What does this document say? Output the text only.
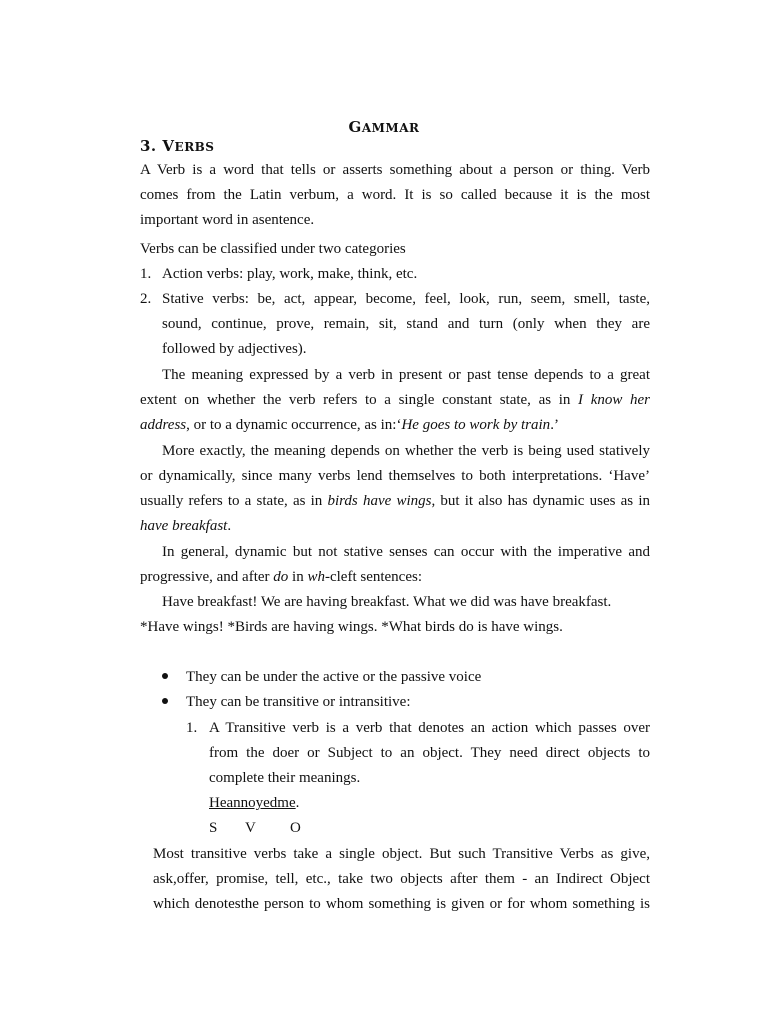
GAMMAR
3. VERBS
A Verb is a word that tells or asserts something about a person or thing. Verb
comes from the Latin verbum, a word. It is so called because it is the most
important word in asentence.
Verbs can be classified under two categories
1. Action verbs: play, work, make, think, etc.
2. Stative verbs: be, act, appear, become, feel, look, run, seem, smell, taste,
sound, continue, prove, remain, sit, stand and turn (only when they are
followed by adjectives).
The meaning expressed by a verb in present or past tense depends to a great
extent on whether the verb refers to a single constant state, as in I know her
address, or to a dynamic occurrence, as in:‘He goes to work by train.’
More exactly, the meaning depends on whether the verb is being used statively
or dynamically, since many verbs lend themselves to both interpretations. ‘Have’
usually refers to a state, as in birds have wings, but it also has dynamic uses as in
have breakfast.
In general, dynamic but not stative senses can occur with the imperative and
progressive, and after do in wh-cleft sentences:
Have breakfast! We are having breakfast. What we did was have breakfast.
*Have wings! *Birds are having wings. *What birds do is have wings.
They can be under the active or the passive voice
They can be transitive or intransitive:
1. A Transitive verb is a verb that denotes an action which passes over
from the doer or Subject to an object. They need direct objects to
complete their meanings.
Heannoyedme.
S V O
Most transitive verbs take a single object. But such Transitive Verbs as give,
ask,offer, promise, tell, etc., take two objects after them - an Indirect Object
which denotesthe person to whom something is given or for whom something is
